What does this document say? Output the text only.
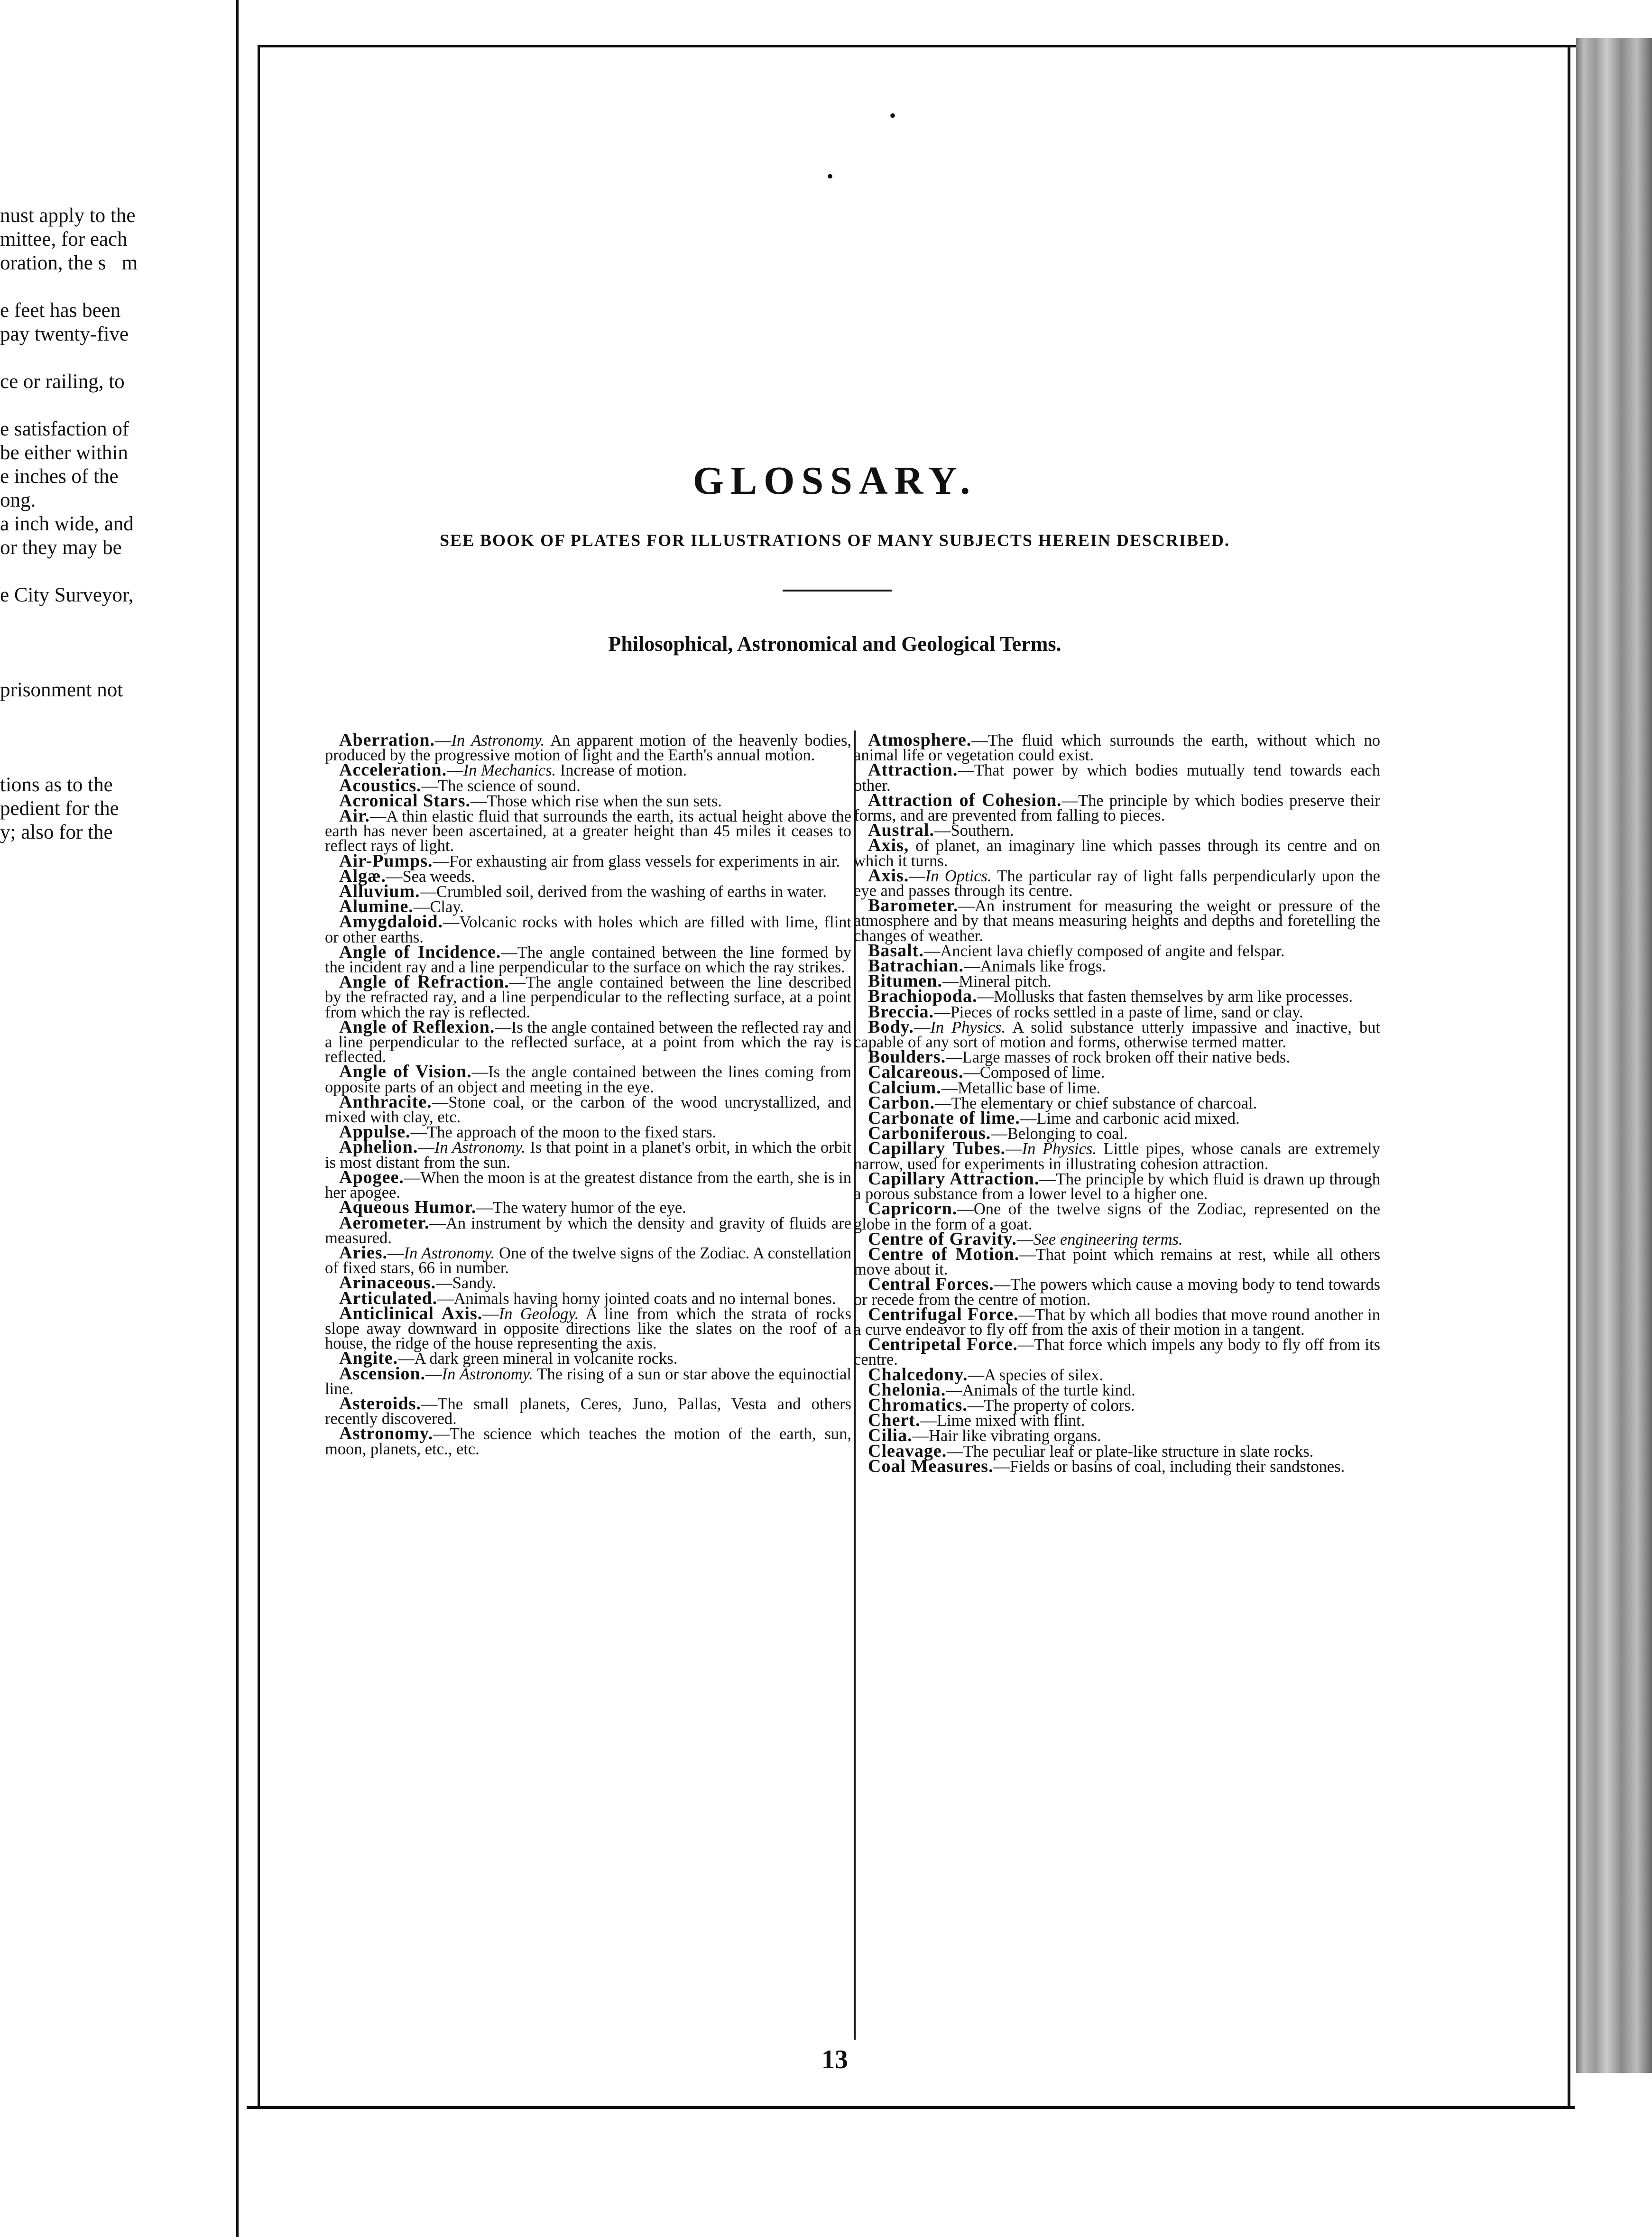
nust apply to the

mittee, for each

oration, the s m

e feet has been

pay twenty-five

ce or railing, to

e satisfaction of

be either within

e inches of the

ong.

a inch wide, and

or they may be

e City Surveyor,

prisonment not

tions as to the

pedient for the

y; also for the

•
•
GLOSSARY.

SEE BOOK OF PLATES FOR ILLUSTRATIONS OF MANY SUBJECTS HEREIN DESCRIBED.

Philosophical, Astronomical and Geological Terms.

Aberration.—In Astronomy. An apparent motion of the heavenly bodies, produced by the progressive motion of light and the Earth's annual motion.

Acceleration.—In Mechanics. Increase of motion.

Acoustics.—The science of sound.

Acronical Stars.—Those which rise when the sun sets.

Air.—A thin elastic fluid that surrounds the earth, its actual height above the earth has never been ascertained, at a greater height than 45 miles it ceases to reflect rays of light.

Air-Pumps.—For exhausting air from glass vessels for experiments in air.

Algæ.—Sea weeds.

Alluvium.—Crumbled soil, derived from the washing of earths in water.

Alumine.—Clay.

Amygdaloid.—Volcanic rocks with holes which are filled with lime, flint or other earths.

Angle of Incidence.—The angle contained between the line formed by the incident ray and a line perpendicular to the surface on which the ray strikes.

Angle of Refraction.—The angle contained between the line described by the refracted ray, and a line perpendicular to the reflecting surface, at a point from which the ray is reflected.

Angle of Reflexion.—Is the angle contained between the reflected ray and a line perpendicular to the reflected surface, at a point from which the ray is reflected.

Angle of Vision.—Is the angle contained between the lines coming from opposite parts of an object and meeting in the eye.

Anthracite.—Stone coal, or the carbon of the wood uncrystallized, and mixed with clay, etc.

Appulse.—The approach of the moon to the fixed stars.

Aphelion.—In Astronomy. Is that point in a planet's orbit, in which the orbit is most distant from the sun.

Apogee.—When the moon is at the greatest distance from the earth, she is in her apogee.

Aqueous Humor.—The watery humor of the eye.

Aerometer.—An instrument by which the density and gravity of fluids are measured.

Aries.—In Astronomy. One of the twelve signs of the Zodiac. A constellation of fixed stars, 66 in number.

Arinaceous.—Sandy.

Articulated.—Animals having horny jointed coats and no internal bones.

Anticlinical Axis.—In Geology. A line from which the strata of rocks slope away downward in opposite directions like the slates on the roof of a house, the ridge of the house representing the axis.

Angite.—A dark green mineral in volcanite rocks.

Ascension.—In Astronomy. The rising of a sun or star above the equinoctial line.

Asteroids.—The small planets, Ceres, Juno, Pallas, Vesta and others recently discovered.

Astronomy.—The science which teaches the motion of the earth, sun, moon, planets, etc., etc.

Atmosphere.—The fluid which surrounds the earth, without which no animal life or vegetation could exist.

Attraction.—That power by which bodies mutually tend towards each other.

Attraction of Cohesion.—The principle by which bodies preserve their forms, and are prevented from falling to pieces.

Austral.—Southern.

Axis, of planet, an imaginary line which passes through its centre and on which it turns.

Axis.—In Optics. The particular ray of light falls perpendicularly upon the eye and passes through its centre.

Barometer.—An instrument for measuring the weight or pressure of the atmosphere and by that means measuring heights and depths and foretelling the changes of weather.

Basalt.—Ancient lava chiefly composed of angite and felspar.

Batrachian.—Animals like frogs.

Bitumen.—Mineral pitch.

Brachiopoda.—Mollusks that fasten themselves by arm like processes.

Breccia.—Pieces of rocks settled in a paste of lime, sand or clay.

Body.—In Physics. A solid substance utterly impassive and inactive, but capable of any sort of motion and forms, otherwise termed matter.

Boulders.—Large masses of rock broken off their native beds.

Calcareous.—Composed of lime.

Calcium.—Metallic base of lime.

Carbon.—The elementary or chief substance of charcoal.

Carbonate of lime.—Lime and carbonic acid mixed.

Carboniferous.—Belonging to coal.

Capillary Tubes.—In Physics. Little pipes, whose canals are extremely narrow, used for experiments in illustrating cohesion attraction.

Capillary Attraction.—The principle by which fluid is drawn up through a porous substance from a lower level to a higher one.

Capricorn.—One of the twelve signs of the Zodiac, represented on the globe in the form of a goat.

Centre of Gravity.—See engineering terms.

Centre of Motion.—That point which remains at rest, while all others move about it.

Central Forces.—The powers which cause a moving body to tend towards or recede from the centre of motion.

Centrifugal Force.—That by which all bodies that move round another in a curve endeavor to fly off from the axis of their motion in a tangent.

Centripetal Force.—That force which impels any body to fly off from its centre.

Chalcedony.—A species of silex.

Chelonia.—Animals of the turtle kind.

Chromatics.—The property of colors.

Chert.—Lime mixed with flint.

Cilia.—Hair like vibrating organs.

Cleavage.—The peculiar leaf or plate-like structure in slate rocks.

Coal Measures.—Fields or basins of coal, including their sandstones.

13
